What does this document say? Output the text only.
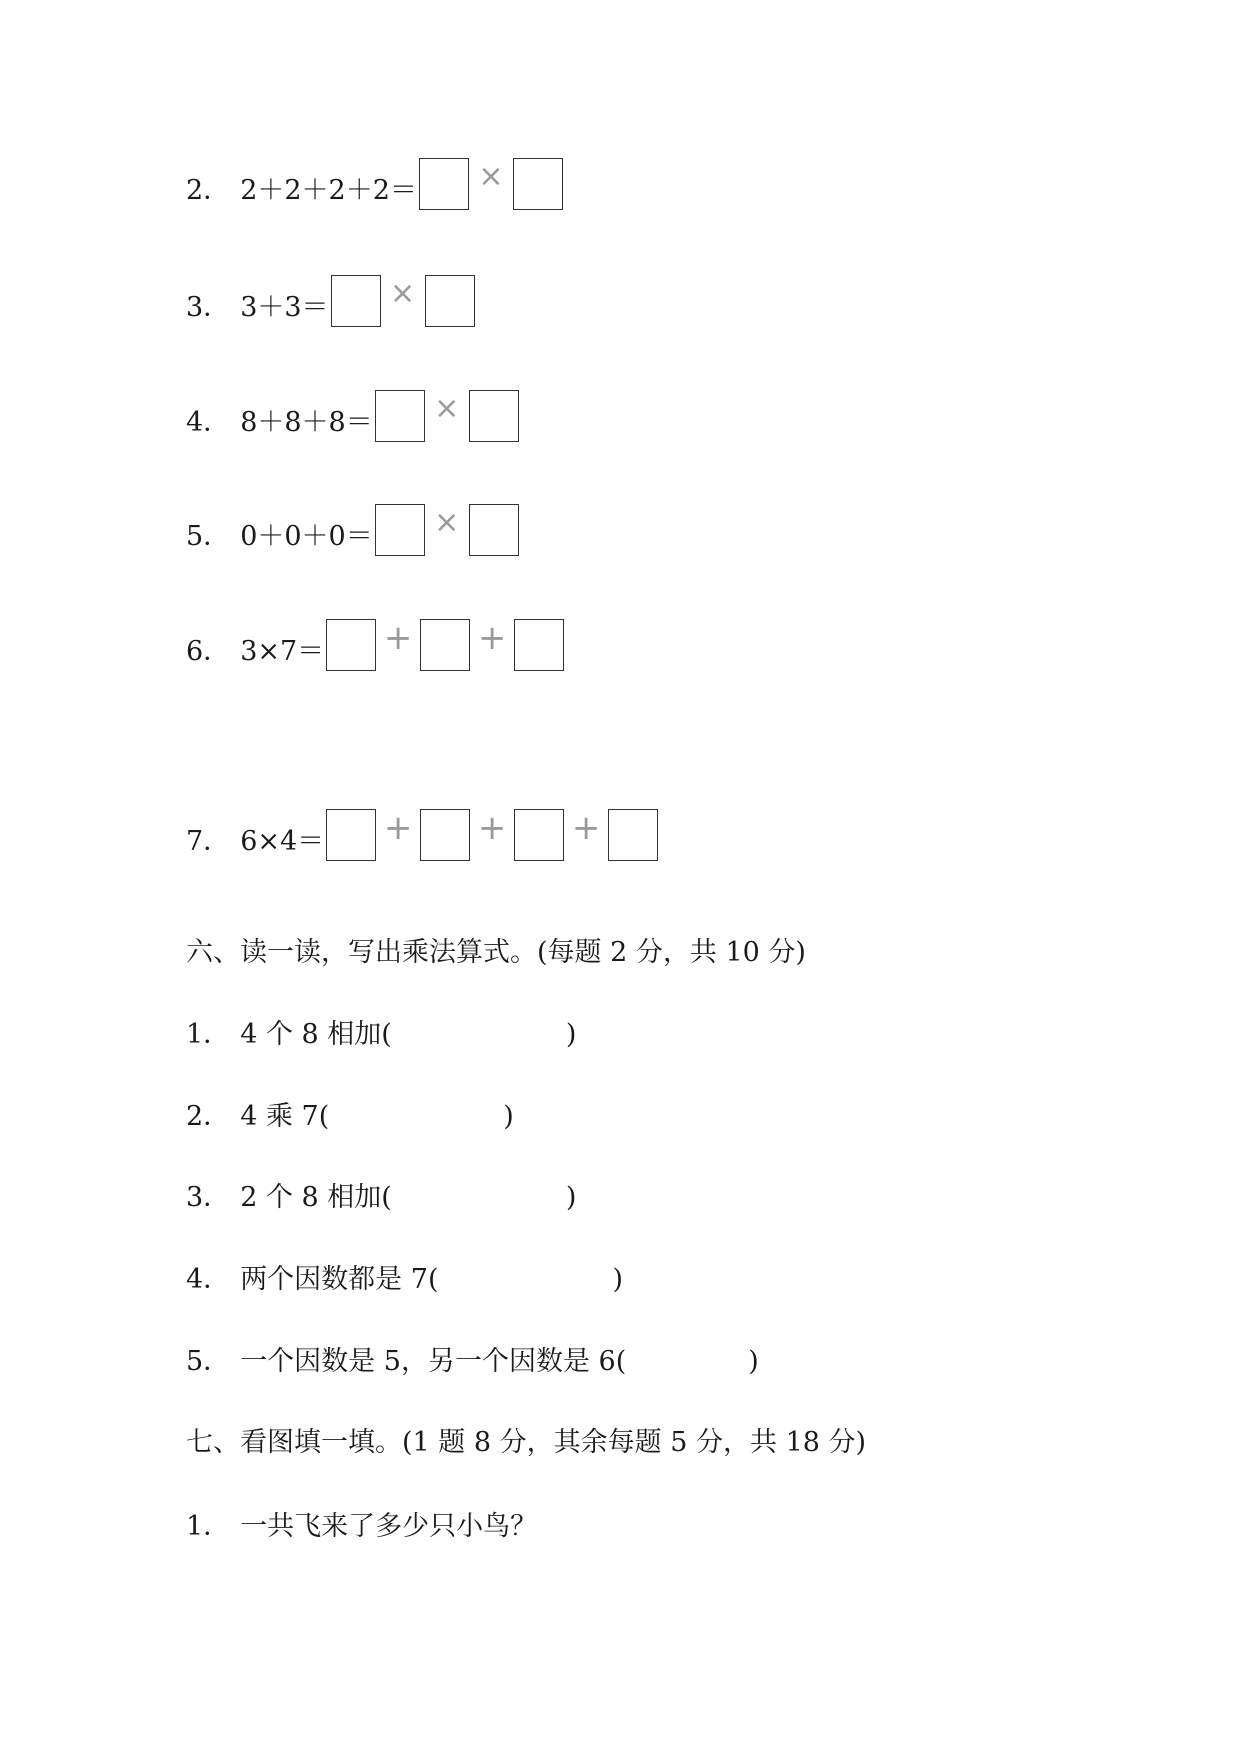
2． 2＋2＋2＋2＝	×
3． 3＋3＝	×
4． 8＋8＋8＝	×
5． 0＋0＋0＝	×
6． 3×7＝ + +
7． 6×4＝ + + +
六、读一读，写出乘法算式。(每题 2 分，共 10 分)
1． 4 个 8 相加(	)
2． 4 乘 7(	)
3． 2 个 8 相加(	)
4． 两个因数都是 7(	)
5． 一个因数是 5，另一个因数是 6(	)
七、看图填一填。(1 题 8 分，其余每题 5 分，共 18 分)
1． 一共飞来了多少只小鸟？
